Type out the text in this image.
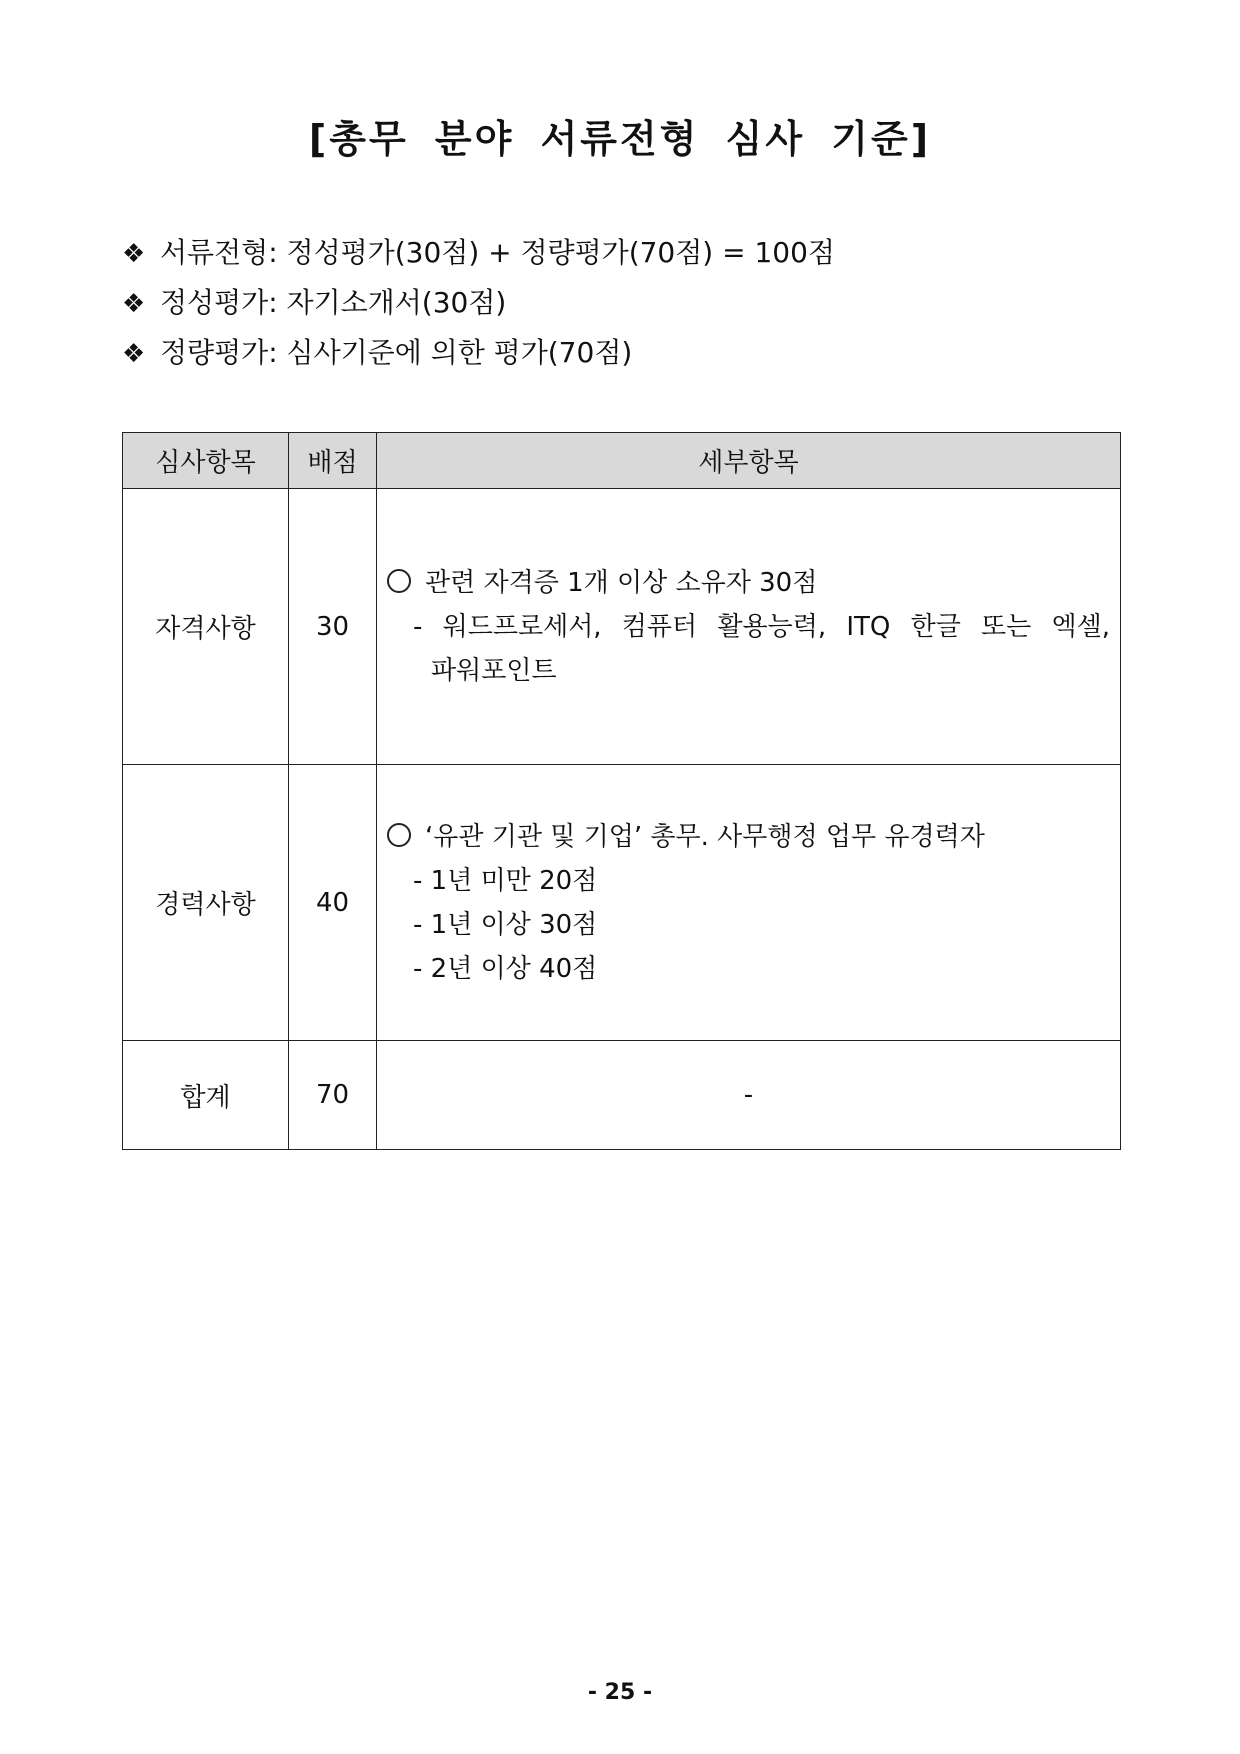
[총무 분야 서류전형 심사 기준]
❖ 서류전형: 정성평가(30점) + 정량평가(70점) = 100점
❖ 정성평가: 자기소개서(30점)
❖ 정량평가: 심사기준에 의한 평가(70점)
심사항목	배점	세부항목
자격사항	30	관련 자격증 1개 이상 소유자 30점
- 워드프로세서, 컴퓨터 활용능력, ITQ 한글 또는 엑셀,
파워포인트

경력사항	40	‘유관 기관 및 기업’ 총무. 사무행정 업무 유경력자
- 1년 미만 20점
- 1년 이상 30점
- 2년 이상 40점

합계	70	-
- 25 -
